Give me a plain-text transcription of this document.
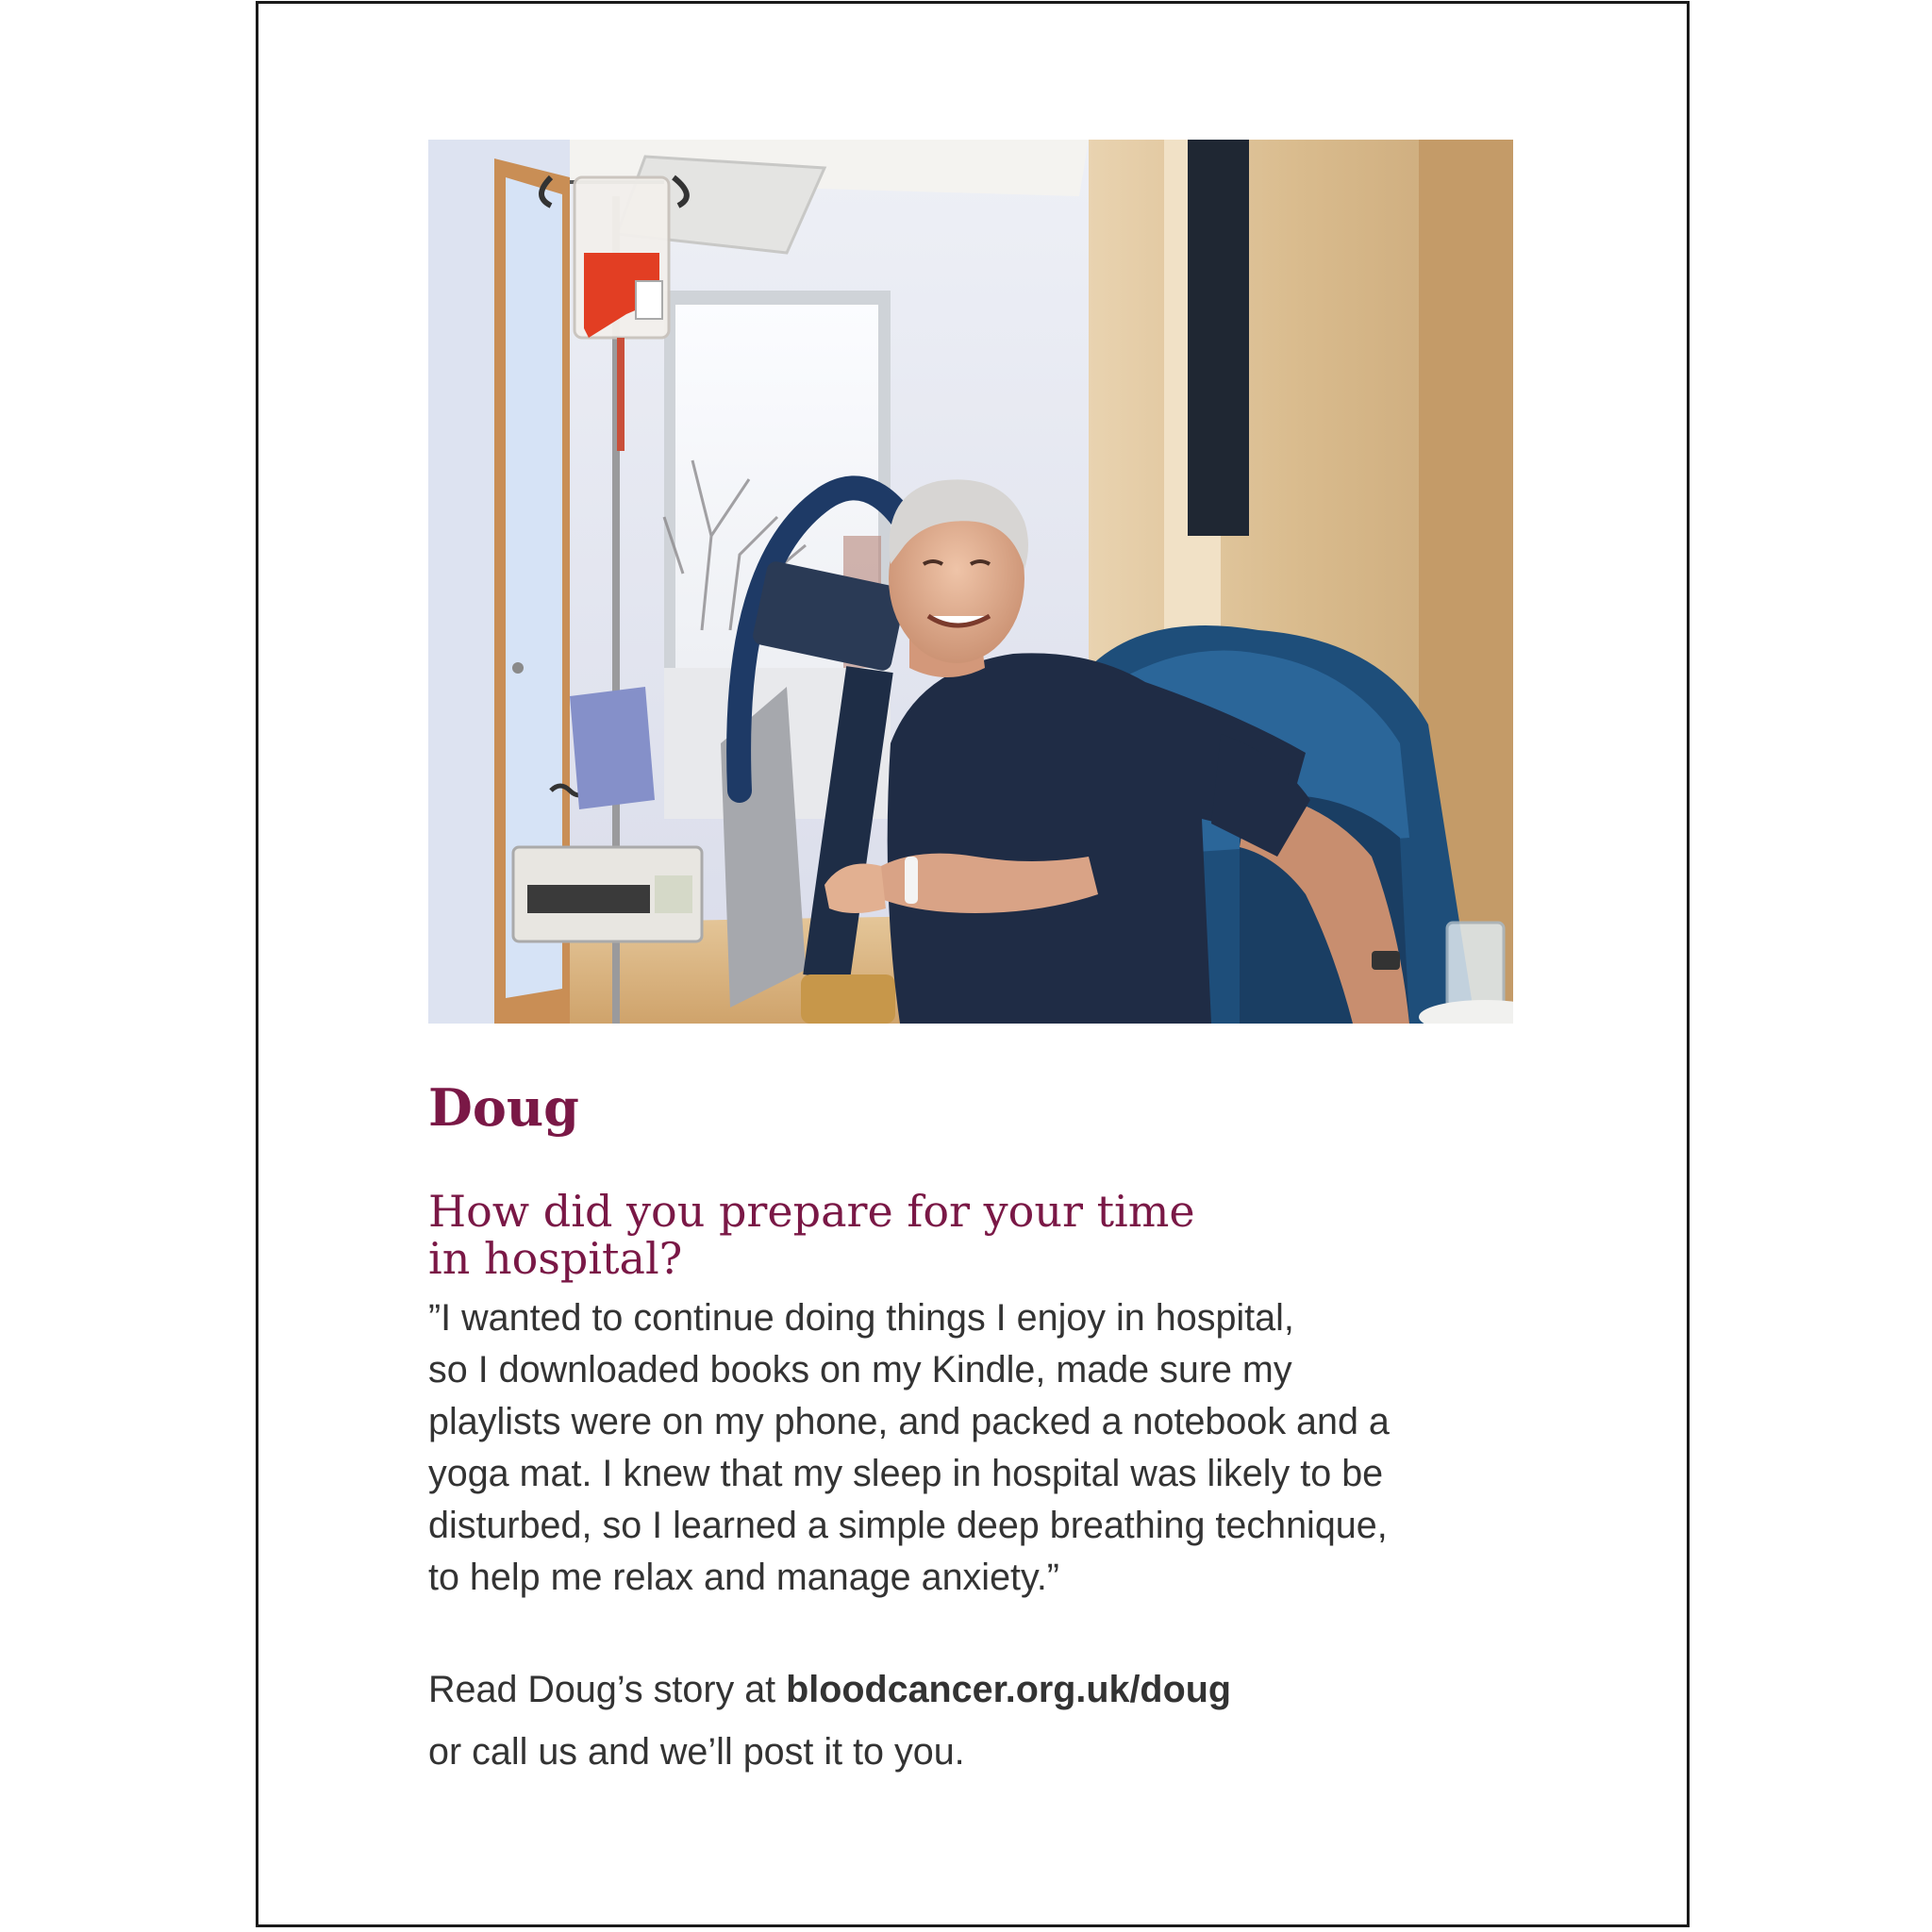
Doug
How did you prepare for your time
in hospital?

”I wanted to continue doing things I enjoy in hospital,
so I downloaded books on my Kindle, made sure my
playlists were on my phone, and packed a notebook and a
yoga mat. I knew that my sleep in hospital was likely to be
disturbed, so I learned a simple deep breathing technique,
to help me relax and manage anxiety.”

Read Doug’s story at bloodcancer.org.uk/doug
or call us and we’ll post it to you.
